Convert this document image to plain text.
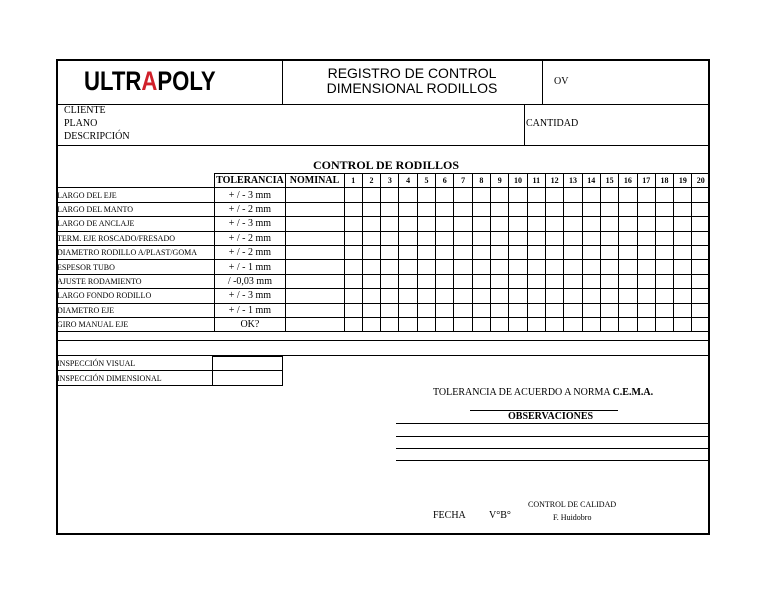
ULTRAPOLY	REGISTRO DE CONTROL
DIMENSIONAL RODILLOS	OV
CLIENTE
PLANO
DESCRIPCIÓN
CANTIDAD
CONTROL DE RODILLOS
	TOLERANCIA	NOMINAL	1	2	3	4	5	6	7	8	9	10	11	12	13	14	15	16	17	18	19	20
LARGO DEL EJE	+ / - 3 mm																					
LARGO DEL MANTO	+ / - 2 mm																					
LARGO DE ANCLAJE	+ / - 3 mm																					
TERM. EJE ROSCADO/FRESADO	+ / - 2 mm																					
DIAMETRO RODILLO A/PLAST/GOMA	+ / - 2 mm																					
ESPESOR TUBO	+ / - 1 mm																					
AJUSTE RODAMIENTO	/ -0,03 mm																					
LARGO FONDO RODILLO	+ / - 3 mm																					
DIAMETRO EJE	+ / - 1 mm																					
GIRO MANUAL EJE	OK?																					
INSPECCIÓN VISUAL	
INSPECCIÓN DIMENSIONAL	
TOLERANCIA DE ACUERDO A NORMA C.E.M.A.
OBSERVACIONES
FECHA V°B°
CONTROL DE CALIDAD
F. Huidobro
